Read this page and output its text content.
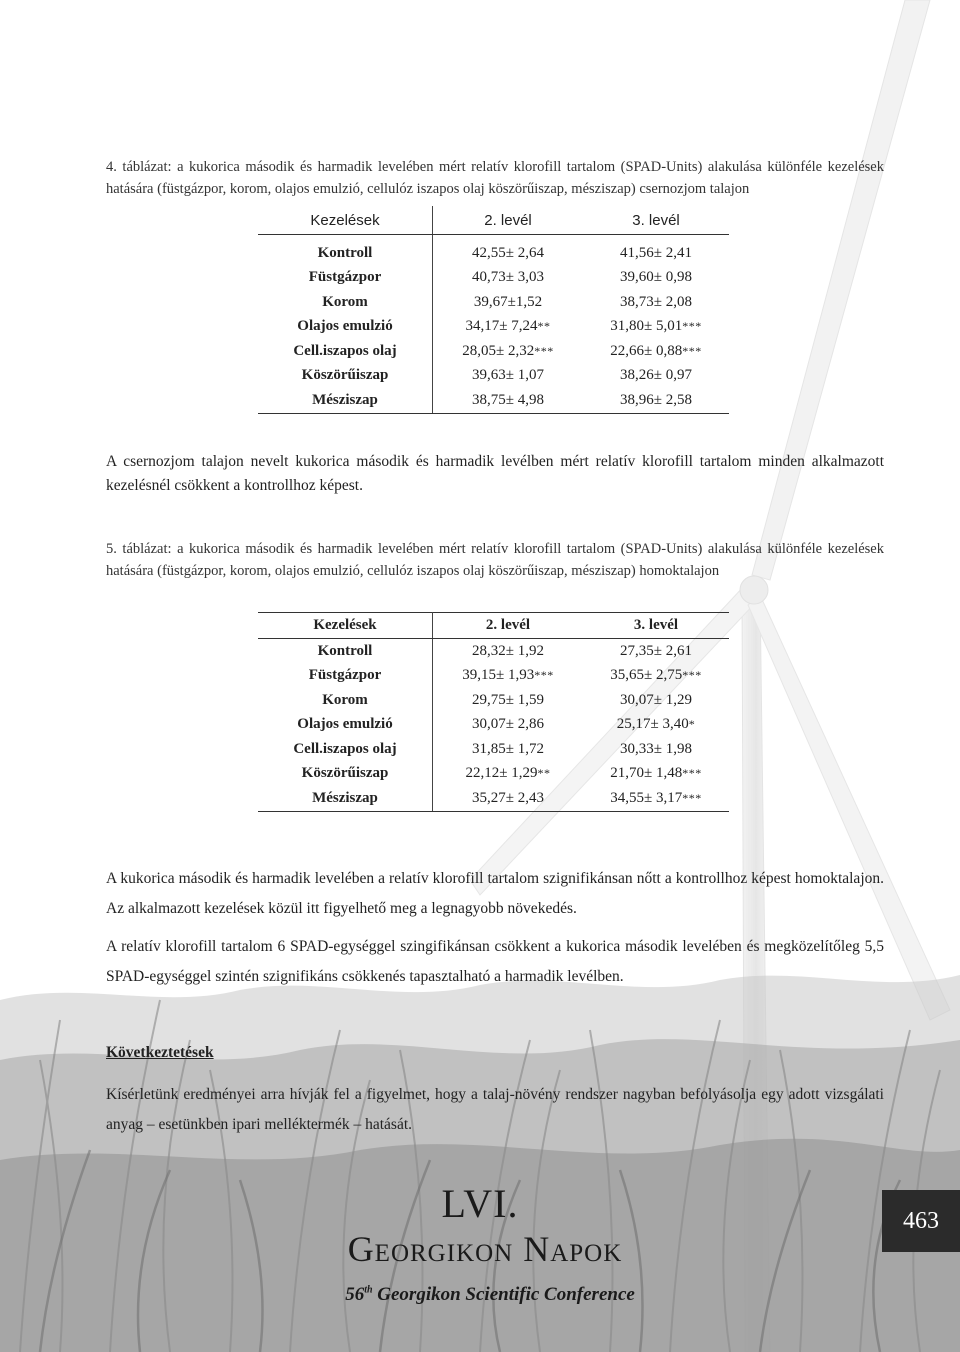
4. táblázat: a kukorica második és harmadik levelében mért relatív klorofill tartalom (SPAD-Units) alakulása különféle kezelések hatására (füstgázpor, korom, olajos emulzió, cellulóz iszapos olaj köszörűiszap, mésziszap) csernozjom talajon
Kezelések	2. levél	3. levél

Kontroll	42,55± 2,64	41,56± 2,41
Füstgázpor	40,73± 3,03	39,60± 0,98
Korom	39,67±1,52	38,73± 2,08
Olajos emulzió	34,17± 7,24**	31,80± 5,01***
Cell.iszapos olaj	28,05± 2,32***	22,66± 0,88***
Köszörűiszap	39,63± 1,07	38,26± 0,97
Mésziszap	38,75± 4,98	38,96± 2,58
A csernozjom talajon nevelt kukorica második és harmadik levélben mért relatív klorofill tartalom minden alkalmazott kezelésnél csökkent a kontrollhoz képest.
5. táblázat: a kukorica második és harmadik levelében mért relatív klorofill tartalom (SPAD-Units) alakulása különféle kezelések hatására (füstgázpor, korom, olajos emulzió, cellulóz iszapos olaj köszörűiszap, mésziszap) homoktalajon
Kezelések	2. levél	3. levél
Kontroll	28,32± 1,92	27,35± 2,61
Füstgázpor	39,15± 1,93***	35,65± 2,75***
Korom	29,75± 1,59	30,07± 1,29
Olajos emulzió	30,07± 2,86	25,17± 3,40*
Cell.iszapos olaj	31,85± 1,72	30,33± 1,98
Köszörűiszap	22,12± 1,29**	21,70± 1,48***
Mésziszap	35,27± 2,43	34,55± 3,17***
A kukorica második és harmadik levelében a relatív klorofill tartalom szignifikánsan nőtt a kontrollhoz képest homoktalajon. Az alkalmazott kezelések közül itt figyelhető meg a legnagyobb növekedés.
A relatív klorofill tartalom 6 SPAD-egységgel szingifikánsan csökkent a kukorica második levelében és megközelítőleg 5,5 SPAD-egységgel szintén szignifikáns csökkenés tapasztalható a harmadik levélben.
Következtetések
Kísérletünk eredményei arra hívják fel a figyelmet, hogy a talaj-növény rendszer nagyban befolyásolja egy adott vizsgálati anyag – esetünkben ipari melléktermék – hatását.
LVI.
Georgikon Napok
56th Georgikon Scientific Conference
463
